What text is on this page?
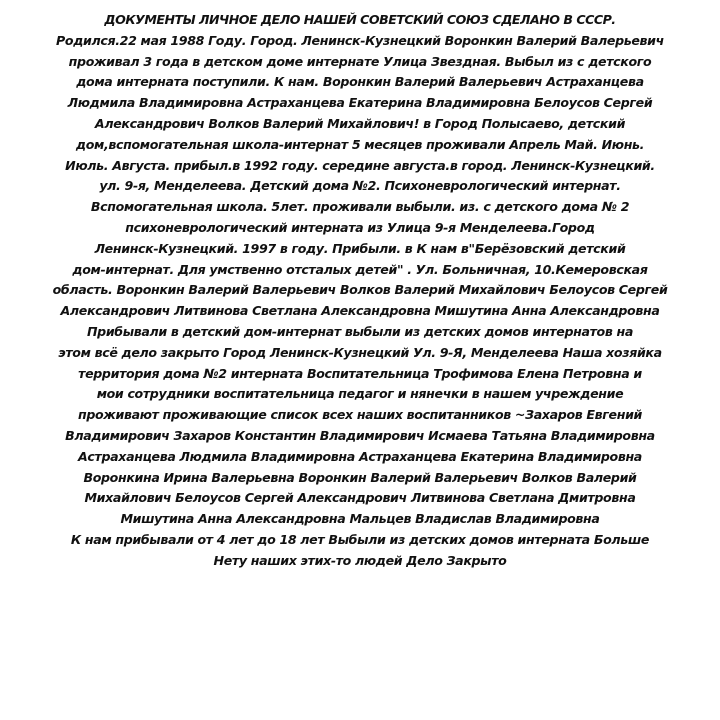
ДОКУМЕНТЫ ЛИЧНОЕ ДЕЛО НАШЕЙ СОВЕТСКИЙ СОЮЗ СДЕЛАНО В СССР.
Родился.22 мая 1988 Году. Город. Ленинск-Кузнецкий Воронкин Валерий Валерьевич
проживал 3 года в детском доме интернате Улица Звездная. Выбыл из с детского
дома интерната поступили. К нам. Воронкин Валерий Валерьевич Астраханцева
Людмила Владимировна Астраханцева Екатерина Владимировна Белоусов Сергей
Александрович Волков Валерий Михайлович! в Город Полысаево, детский
дом,вспомогательная школа-интернат 5 месяцев проживали Апрель Май. Июнь.
Июль. Августа. прибыл.в 1992 году. середине августа.в город. Ленинск-Кузнецкий.
ул. 9-я, Менделеева. Детский дома №2. Психоневрологический интернат.
Вспомогательная школа. 5лет. проживали выбыли. из. с детского дома № 2
психоневрологический интерната из Улица 9-я Менделеева.Город
Ленинск-Кузнецкий. 1997 в году. Прибыли. в К нам в"Берёзовский детский
дом-интернат. Для умственно отсталых детей" . Ул. Больничная, 10.Кемеровская
область. Воронкин Валерий Валерьевич Волков Валерий Михайлович Белоусов Сергей
Александрович Литвинова Светлана Александровна Мишутина Анна Александровна
Прибывали в детский дом-интернат выбыли из детских домов интернатов на
этом всё дело закрыто Город Ленинск-Кузнецкий Ул. 9-Я, Менделеева Наша хозяйка
территория дома №2 интерната Воспитательница Трофимова Елена Петровна и
мои сотрудники воспитательница педагог и нянечки в нашем учреждение
проживают проживающие список всех наших воспитанников ~Захаров Евгений
Владимирович Захаров Константин Владимирович Исмаева Татьяна Владимировна
Астраханцева Людмила Владимировна Астраханцева Екатерина Владимировна
Воронкина Ирина Валерьевна Воронкин Валерий Валерьевич Волков Валерий
Михайлович Белоусов Сергей Александрович Литвинова Светлана Дмитровна
Мишутина Анна Александровна Мальцев Владислав Владимировна
К нам прибывали от 4 лет до 18 лет Выбыли из детских домов интерната Больше
Нету наших этих-то людей Дело Закрыто
